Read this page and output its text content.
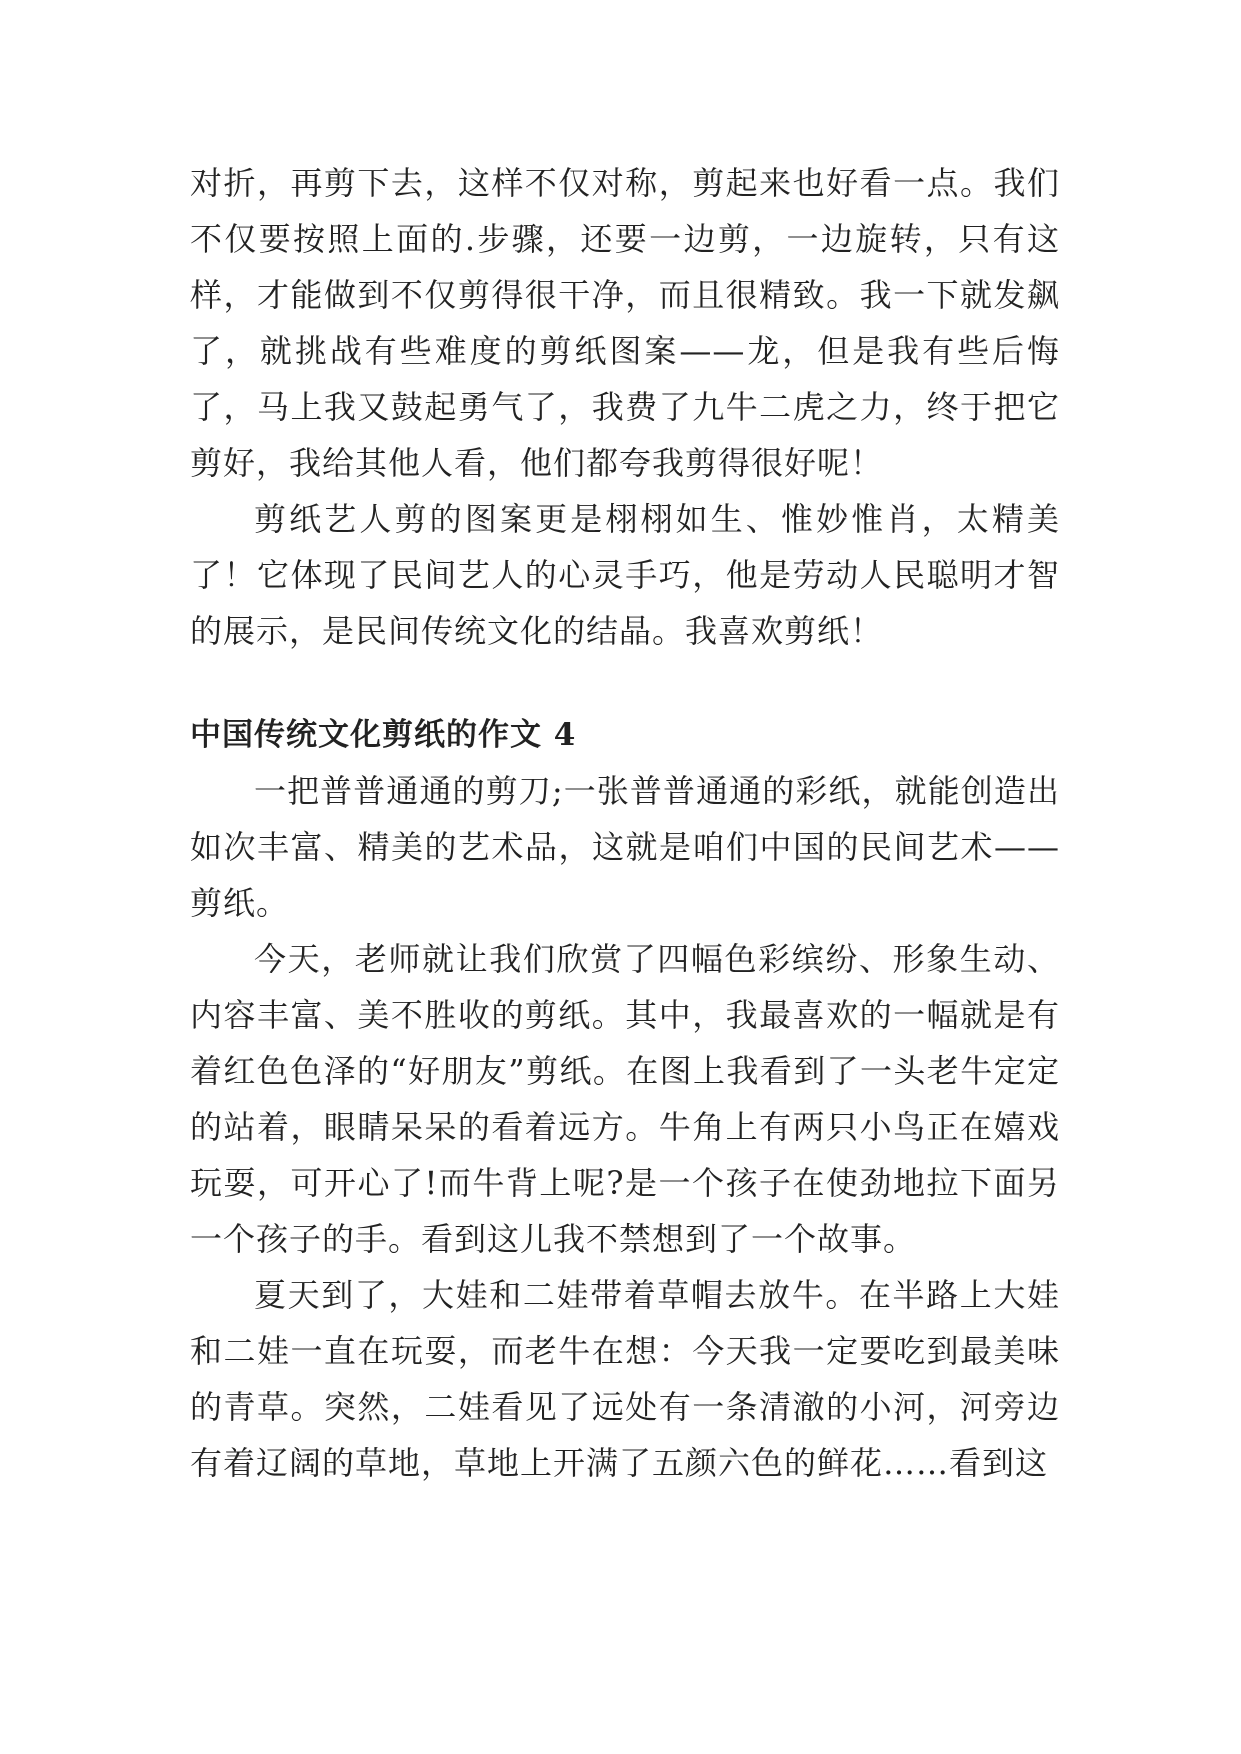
对折，再剪下去，这样不仅对称，剪起来也好看一点。我们不仅要按照上面的.步骤，还要一边剪，一边旋转，只有这样，才能做到不仅剪得很干净，而且很精致。我一下就发飙了，就挑战有些难度的剪纸图案——龙，但是我有些后悔了，马上我又鼓起勇气了，我费了九牛二虎之力，终于把它剪好，我给其他人看，他们都夸我剪得很好呢！

剪纸艺人剪的图案更是栩栩如生、惟妙惟肖，太精美了！它体现了民间艺人的心灵手巧，他是劳动人民聪明才智的展示，是民间传统文化的结晶。我喜欢剪纸！

中国传统文化剪纸的作文 4

一把普普通通的剪刀;一张普普通通的彩纸，就能创造出如次丰富、精美的艺术品，这就是咱们中国的民间艺术——剪纸。

今天，老师就让我们欣赏了四幅色彩缤纷、形象生动、内容丰富、美不胜收的剪纸。其中，我最喜欢的一幅就是有着红色色泽的“好朋友”剪纸。在图上我看到了一头老牛定定的站着，眼睛呆呆的看着远方。牛角上有两只小鸟正在嬉戏玩耍，可开心了!而牛背上呢?是一个孩子在使劲地拉下面另一个孩子的手。看到这儿我不禁想到了一个故事。

夏天到了，大娃和二娃带着草帽去放牛。在半路上大娃和二娃一直在玩耍，而老牛在想：今天我一定要吃到最美味的青草。突然，二娃看见了远处有一条清澈的小河，河旁边有着辽阔的草地，草地上开满了五颜六色的鲜花……看到这
